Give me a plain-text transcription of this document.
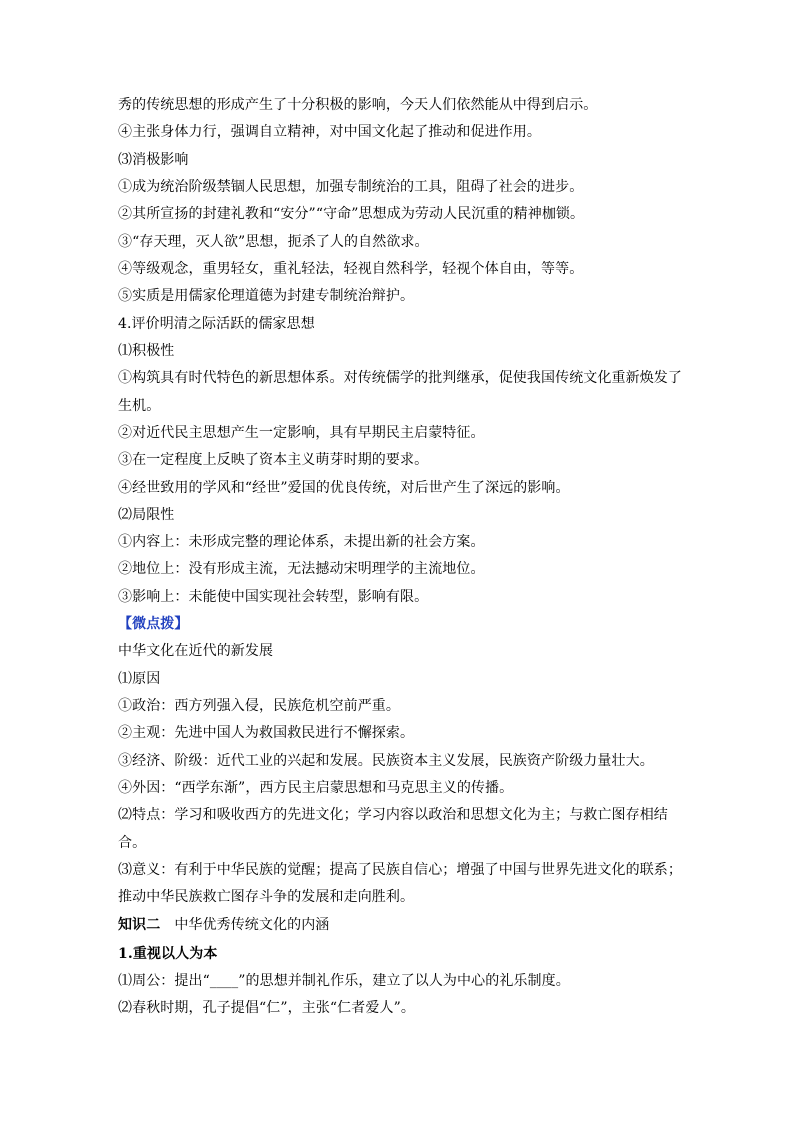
秀的传统思想的形成产生了十分积极的影响，今天人们依然能从中得到启示。
④主张身体力行，强调自立精神，对中国文化起了推动和促进作用。
⑶消极影响
①成为统治阶级禁锢人民思想，加强专制统治的工具，阻碍了社会的进步。
②其所宣扬的封建礼教和“安分”“守命”思想成为劳动人民沉重的精神枷锁。
③“存天理，灭人欲”思想，扼杀了人的自然欲求。
④等级观念，重男轻女，重礼轻法，轻视自然科学，轻视个体自由，等等。
⑤实质是用儒家伦理道德为封建专制统治辩护。
4.评价明清之际活跃的儒家思想
⑴积极性
①构筑具有时代特色的新思想体系。对传统儒学的批判继承，促使我国传统文化重新焕发了
生机。
②对近代民主思想产生一定影响，具有早期民主启蒙特征。
③在一定程度上反映了资本主义萌芽时期的要求。
④经世致用的学风和“经世”爱国的优良传统，对后世产生了深远的影响。
⑵局限性
①内容上：未形成完整的理论体系，未提出新的社会方案。
②地位上：没有形成主流，无法撼动宋明理学的主流地位。
③影响上：未能使中国实现社会转型，影响有限。
【微点拨】
中华文化在近代的新发展
⑴原因
①政治：西方列强入侵，民族危机空前严重。
②主观：先进中国人为救国救民进行不懈探索。
③经济、阶级：近代工业的兴起和发展。民族资本主义发展，民族资产阶级力量壮大。
④外因：“西学东渐”，西方民主启蒙思想和马克思主义的传播。
⑵特点：学习和吸收西方的先进文化；学习内容以政治和思想文化为主；与救亡图存相结
合。
⑶意义：有利于中华民族的觉醒；提高了民族自信心；增强了中国与世界先进文化的联系；
推动中华民族救亡图存斗争的发展和走向胜利。
知识二 中华优秀传统文化的内涵
1.重视以人为本
⑴周公：提出“____”的思想并制礼作乐，建立了以人为中心的礼乐制度。
⑵春秋时期，孔子提倡“仁”，主张“仁者爱人”。
